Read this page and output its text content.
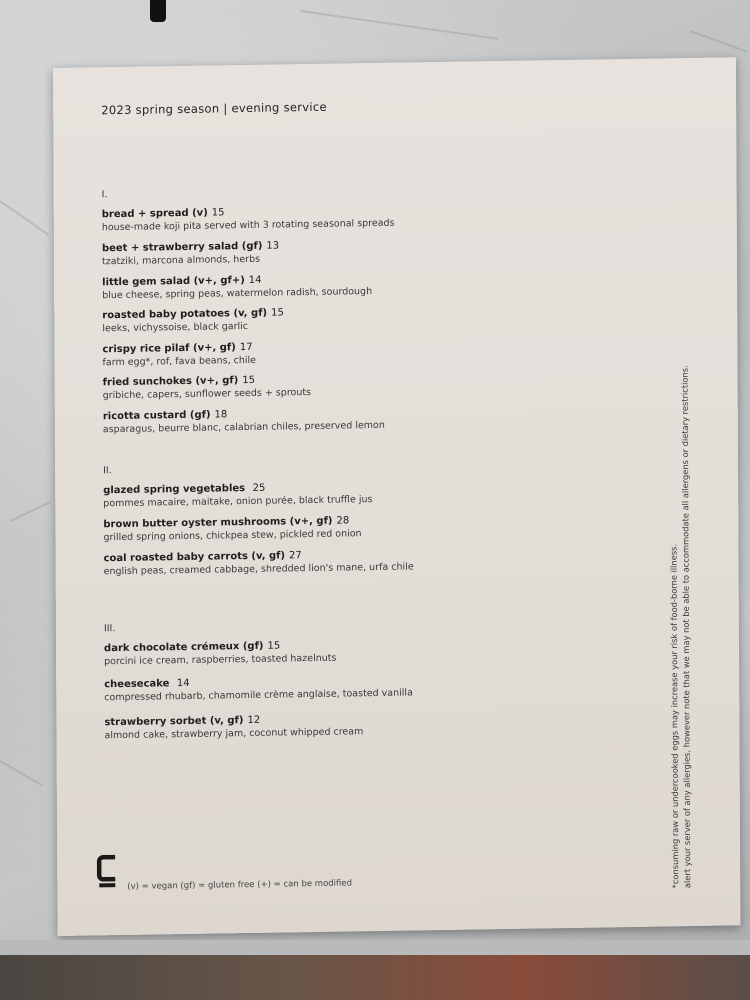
2023 spring season | evening service
I.
bread + spread (v) 15
house-made koji pita served with 3 rotating seasonal spreads
beet + strawberry salad (gf) 13
tzatziki, marcona almonds, herbs
little gem salad (v+, gf+) 14
blue cheese, spring peas, watermelon radish, sourdough
roasted baby potatoes (v, gf) 15
leeks, vichyssoise, black garlic
crispy rice pilaf (v+, gf) 17
farm egg*, rof, fava beans, chile
fried sunchokes (v+, gf) 15
gribiche, capers, sunflower seeds + sprouts
ricotta custard (gf) 18
asparagus, beurre blanc, calabrian chiles, preserved lemon
II.
glazed spring vegetables 25
pommes macaire, maitake, onion purée, black truffle jus
brown butter oyster mushrooms (v+, gf) 28
grilled spring onions, chickpea stew, pickled red onion
coal roasted baby carrots (v, gf) 27
english peas, creamed cabbage, shredded lion's mane, urfa chile
III.
dark chocolate crémeux (gf) 15
porcini ice cream, raspberries, toasted hazelnuts
cheesecake 14
compressed rhubarb, chamomile crème anglaise, toasted vanilla
strawberry sorbet (v, gf) 12
almond cake, strawberry jam, coconut whipped cream
(v) = vegan (gf) = gluten free (+) = can be modified	*consuming raw or undercooked eggs may increase your risk of food-borne illness. alert your server of any allergies, however note that we may not be able to accommodate all allergens or dietary restrictions.
